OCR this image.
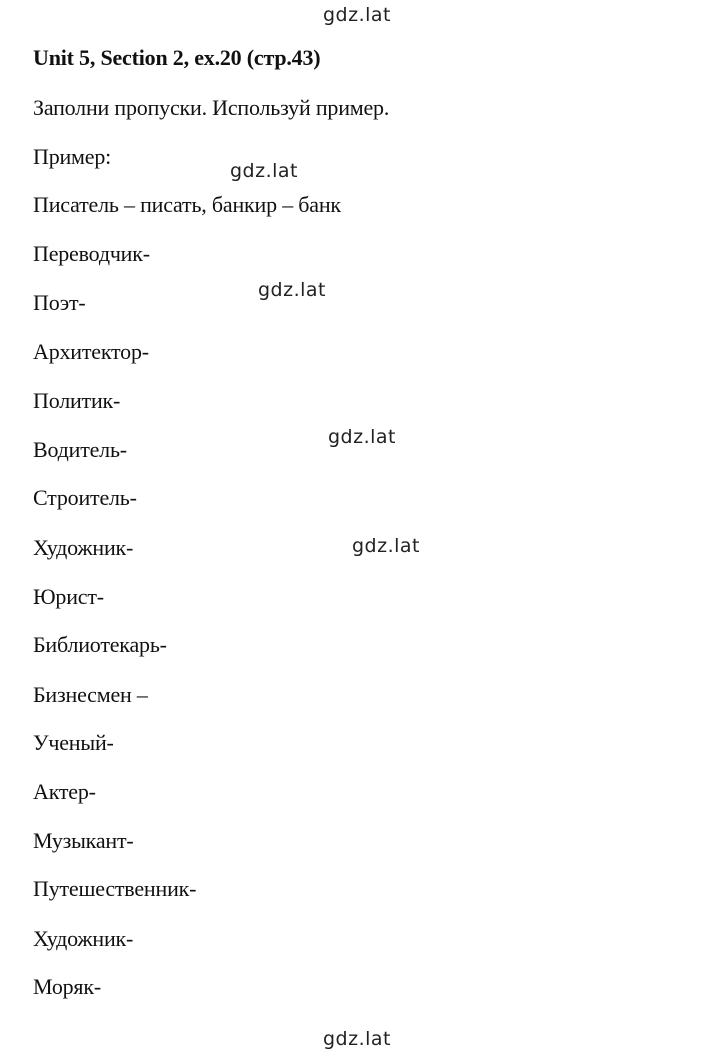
gdz.lat
Unit 5, Section 2, ex.20 (стр.43)
Заполни пропуски. Используй пример.
Пример:
gdz.lat
Писатель – писать, банкир – банк
Переводчик-
gdz.lat
Поэт-
Архитектор-
Политик-
gdz.lat
Водитель-
Строитель-
gdz.lat
Художник-
Юрист-
Библиотекарь-
Бизнесмен –
Ученый-
Актер-
Музыкант-
Путешественник-
Художник-
Моряк-
gdz.lat
